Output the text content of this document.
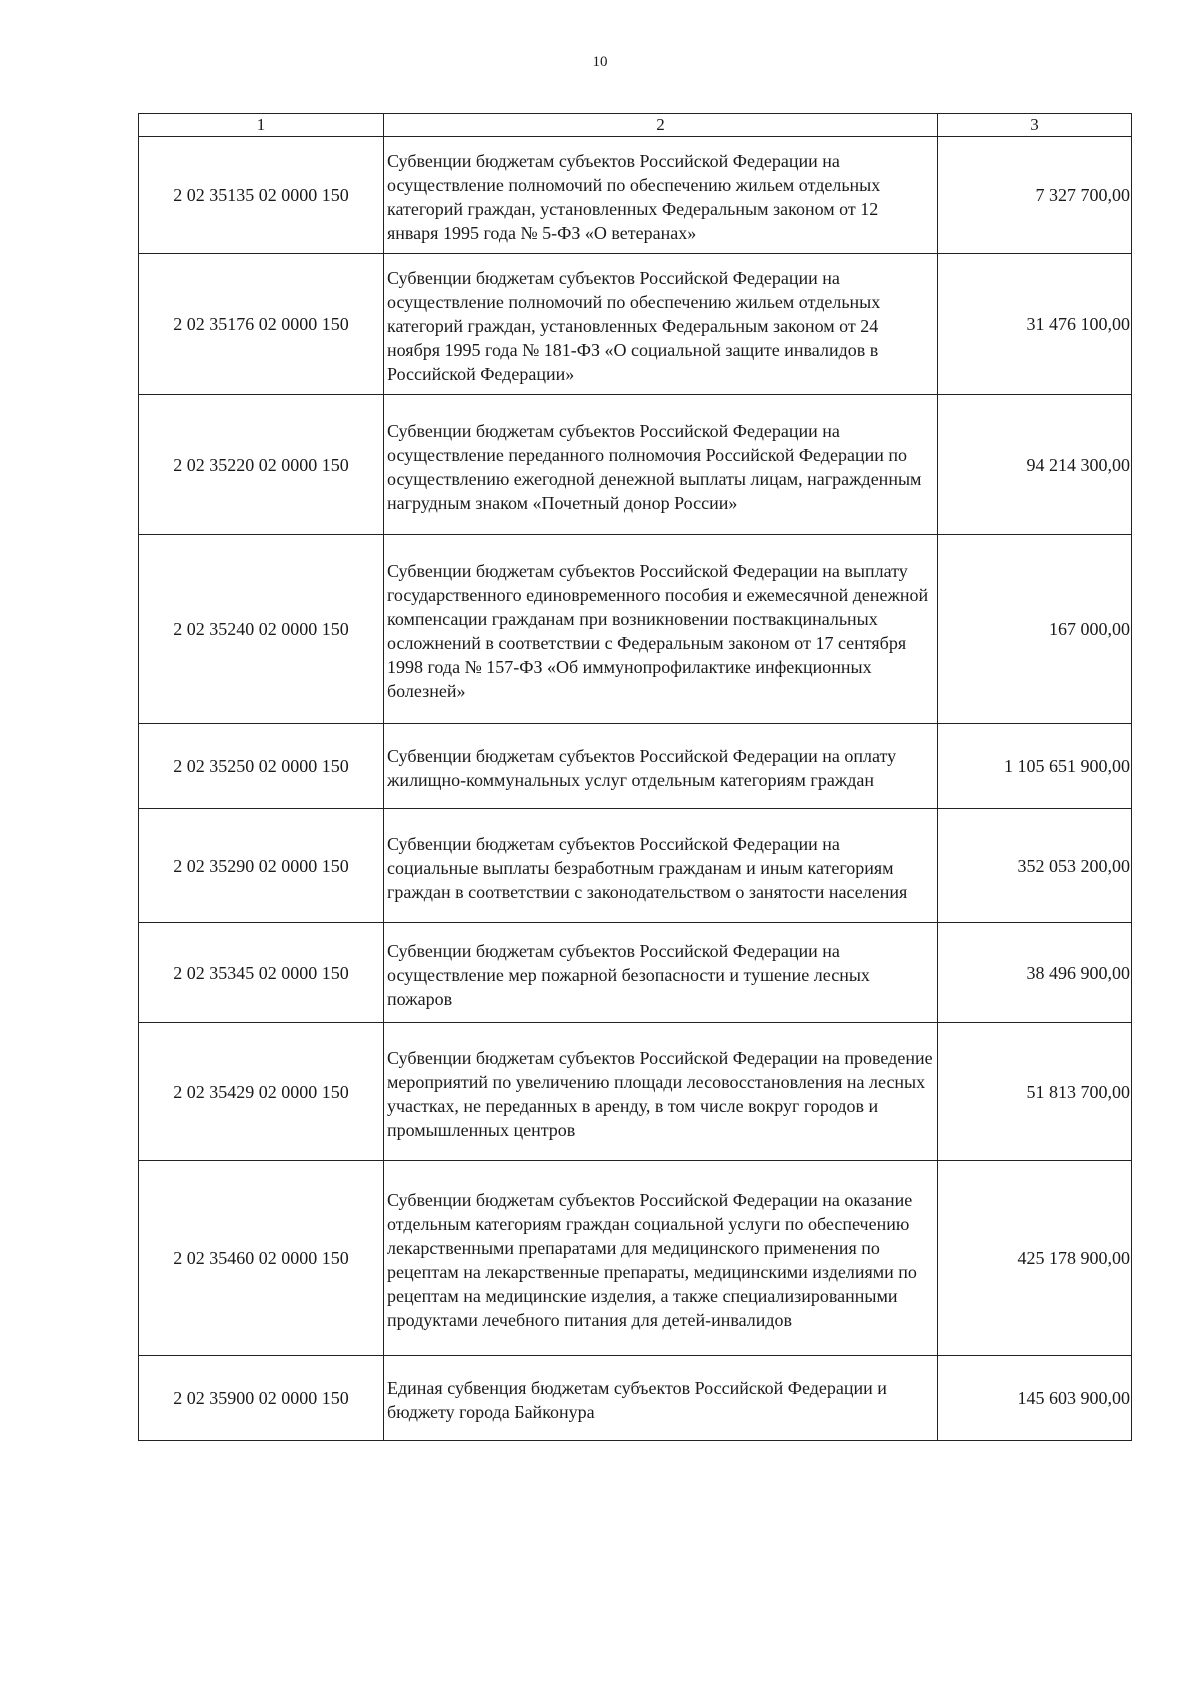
10
1	2	3
2 02 35135 02 0000 150	Субвенции бюджетам субъектов Российской Федерации на осуществление полномочий по обеспечению жильем отдельных категорий граждан, установленных Федеральным законом от 12 января 1995 года № 5-ФЗ «О ветеранах»	7 327 700,00
2 02 35176 02 0000 150	Субвенции бюджетам субъектов Российской Федерации на осуществление полномочий по обеспечению жильем отдельных категорий граждан, установленных Федеральным законом от 24 ноября 1995 года № 181-ФЗ «О социальной защите инвалидов в Российской Федерации»	31 476 100,00
2 02 35220 02 0000 150	Субвенции бюджетам субъектов Российской Федерации на осуществление переданного полномочия Российской Федерации по осуществлению ежегодной денежной выплаты лицам, награжденным нагрудным знаком «Почетный донор России»	94 214 300,00
2 02 35240 02 0000 150	Субвенции бюджетам субъектов Российской Федерации на выплату государственного единовременного пособия и ежемесячной денежной компенсации гражданам при возникновении поствакцинальных осложнений в соответствии с Федеральным законом от 17 сентября 1998 года № 157-ФЗ «Об иммунопрофилактике инфекционных болезней»	167 000,00
2 02 35250 02 0000 150	Субвенции бюджетам субъектов Российской Федерации на оплату жилищно-коммунальных услуг отдельным категориям граждан	1 105 651 900,00
2 02 35290 02 0000 150	Субвенции бюджетам субъектов Российской Федерации на социальные выплаты безработным гражданам и иным категориям граждан в соответствии с законодательством о занятости населения	352 053 200,00
2 02 35345 02 0000 150	Субвенции бюджетам субъектов Российской Федерации на осуществление мер пожарной безопасности и тушение лесных пожаров	38 496 900,00
2 02 35429 02 0000 150	Субвенции бюджетам субъектов Российской Федерации на проведение мероприятий по увеличению площади лесовосстановления на лесных участках, не переданных в аренду, в том числе вокруг городов и промышленных центров	51 813 700,00
2 02 35460 02 0000 150	Субвенции бюджетам субъектов Российской Федерации на оказание отдельным категориям граждан социальной услуги по обеспечению лекарственными препаратами для медицинского применения по рецептам на лекарственные препараты, медицинскими изделиями по рецептам на медицинские изделия, а также специализированными продуктами лечебного питания для детей-инвалидов	425 178 900,00
2 02 35900 02 0000 150	Единая субвенция бюджетам субъектов Российской Федерации и бюджету города Байконура	145 603 900,00
